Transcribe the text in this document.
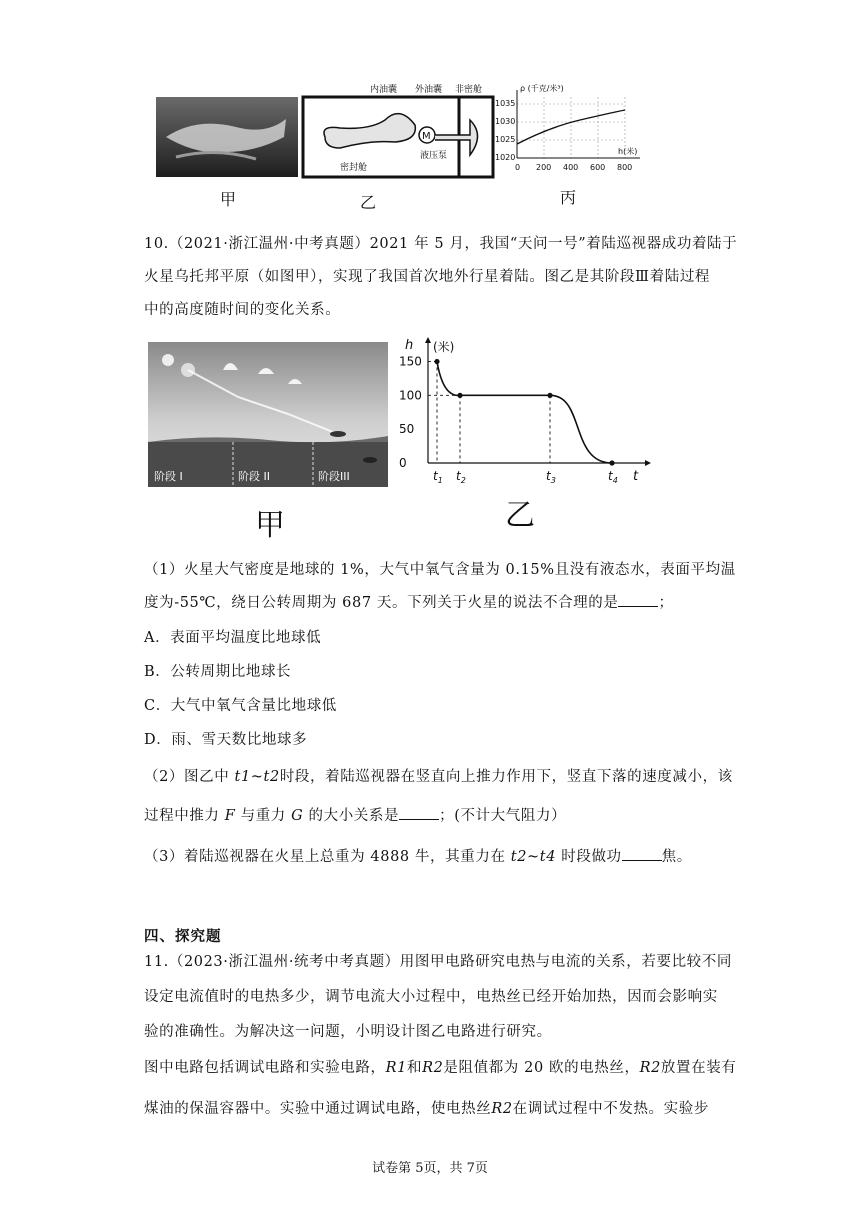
甲
M
内油囊 外油囊 非密舱
液压泵
密封舱
乙
ρ (千克/米³)
h(米)
1035
1030
1025
1020
0 200 400 600 800
丙
10.（2021·浙江温州·中考真题）2021 年 5 月，我国“天问一号”着陆巡视器成功着陆于
火星乌托邦平原（如图甲），实现了我国首次地外行星着陆。图乙是其阶段Ⅲ着陆过程
中的高度随时间的变化关系。
阶段 I	阶段 II	阶段III
甲
h (米)
t
150
100
50
0
$t_1$ $t_2$	$t_3$	$t_4$
乙
（1）火星大气密度是地球的 1%，大气中氧气含量为 0.15%且没有液态水，表面平均温
度为-55℃，绕日公转周期为 687 天。下列关于火星的说法不合理的是	；
A．表面平均温度比地球低
B．公转周期比地球长
C．大气中氧气含量比地球低
D．雨、雪天数比地球多
（2）图乙中 t1~t2时段，着陆巡视器在竖直向上推力作用下，竖直下落的速度减小，该
过程中推力 F 与重力 G 的大小关系是	；(不计大气阻力）
（3）着陆巡视器在火星上总重为 4888 牛，其重力在 t2~t4 时段做功	焦。
四、探究题
11.（2023·浙江温州·统考中考真题）用图甲电路研究电热与电流的关系，若要比较不同
设定电流值时的电热多少，调节电流大小过程中，电热丝已经开始加热，因而会影响实
验的准确性。为解决这一问题，小明设计图乙电路进行研究。
图中电路包括调试电路和实验电路，R1和R2是阻值都为 20 欧的电热丝，R2放置在装有
煤油的保温容器中。实验中通过调试电路，使电热丝R2在调试过程中不发热。实验步
试卷第 5页，共 7页
